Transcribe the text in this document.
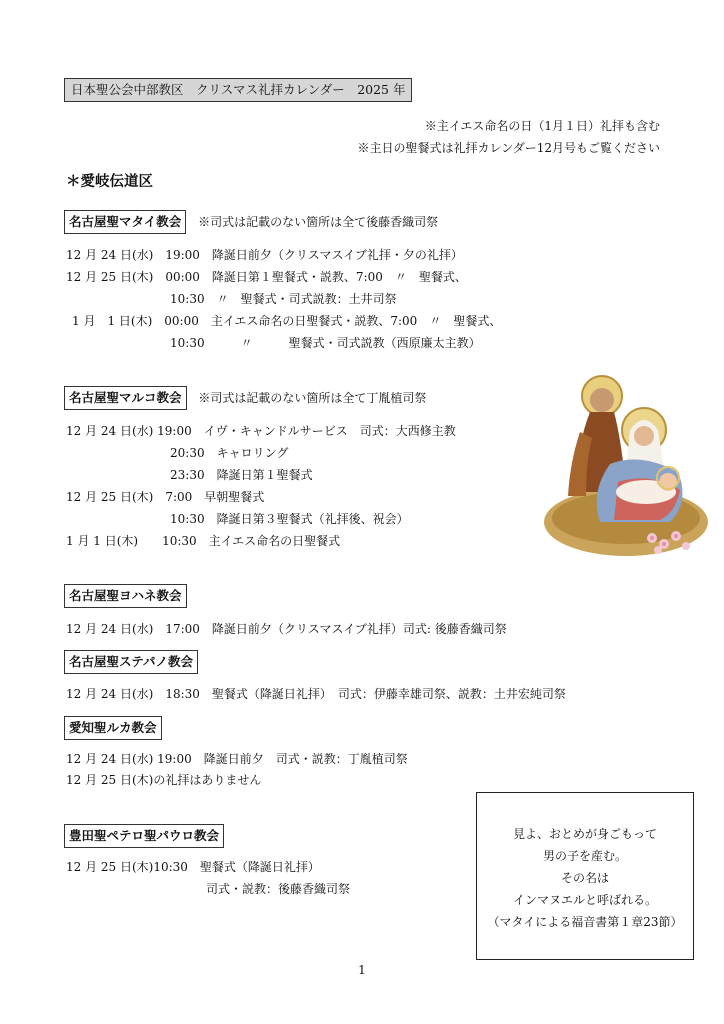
日本聖公会中部教区　クリスマス礼拝カレンダー　2025 年
※主イエス命名の日（1月１日）礼拝も含む
※主日の聖餐式は礼拝カレンダー12月号もご覧ください
＊愛岐伝道区
名古屋聖マタイ教会 ※司式は記載のない箇所は全て後藤香織司祭
12 月 24 日(水)　19:00　降誕日前夕（クリスマスイブ礼拝・夕の礼拝）
12 月 25 日(木)　00:00　降誕日第１聖餐式・説教、7:00　〃　聖餐式、
10:30　〃　聖餐式・司式説教：土井司祭
1 月　1 日(木)　00:00　主イエス命名の日聖餐式・説教、7:00　〃　聖餐式、
10:30　　　〃　　　聖餐式・司式説教（西原廉太主教）
名古屋聖マルコ教会 ※司式は記載のない箇所は全て丁胤植司祭
12 月 24 日(水) 19:00　イヴ・キャンドルサービス　司式：大西修主教
20:30　キャロリング
23:30　降誕日第１聖餐式
12 月 25 日(木)　7:00　早朝聖餐式
10:30　降誕日第３聖餐式（礼拝後、祝会）
1 月 1 日(木)　　10:30　主イエス命名の日聖餐式
名古屋聖ヨハネ教会
12 月 24 日(水)　17:00　降誕日前夕（クリスマスイブ礼拝）司式: 後藤香織司祭
名古屋聖ステパノ教会
12 月 24 日(水)　18:30　聖餐式（降誕日礼拝）　司式：伊藤幸雄司祭、説教：土井宏純司祭
愛知聖ルカ教会
12 月 24 日(水) 19:00　降誕日前夕　司式・説教：丁胤植司祭
12 月 25 日(木)の礼拝はありません
豊田聖ペテロ聖パウロ教会
12 月 25 日(木)10:30　聖餐式（降誕日礼拝）
司式・説教：後藤香織司祭
見よ、おとめが身ごもって
男の子を産む。
その名は
インマヌエルと呼ばれる。
（マタイによる福音書第１章23節）
1
